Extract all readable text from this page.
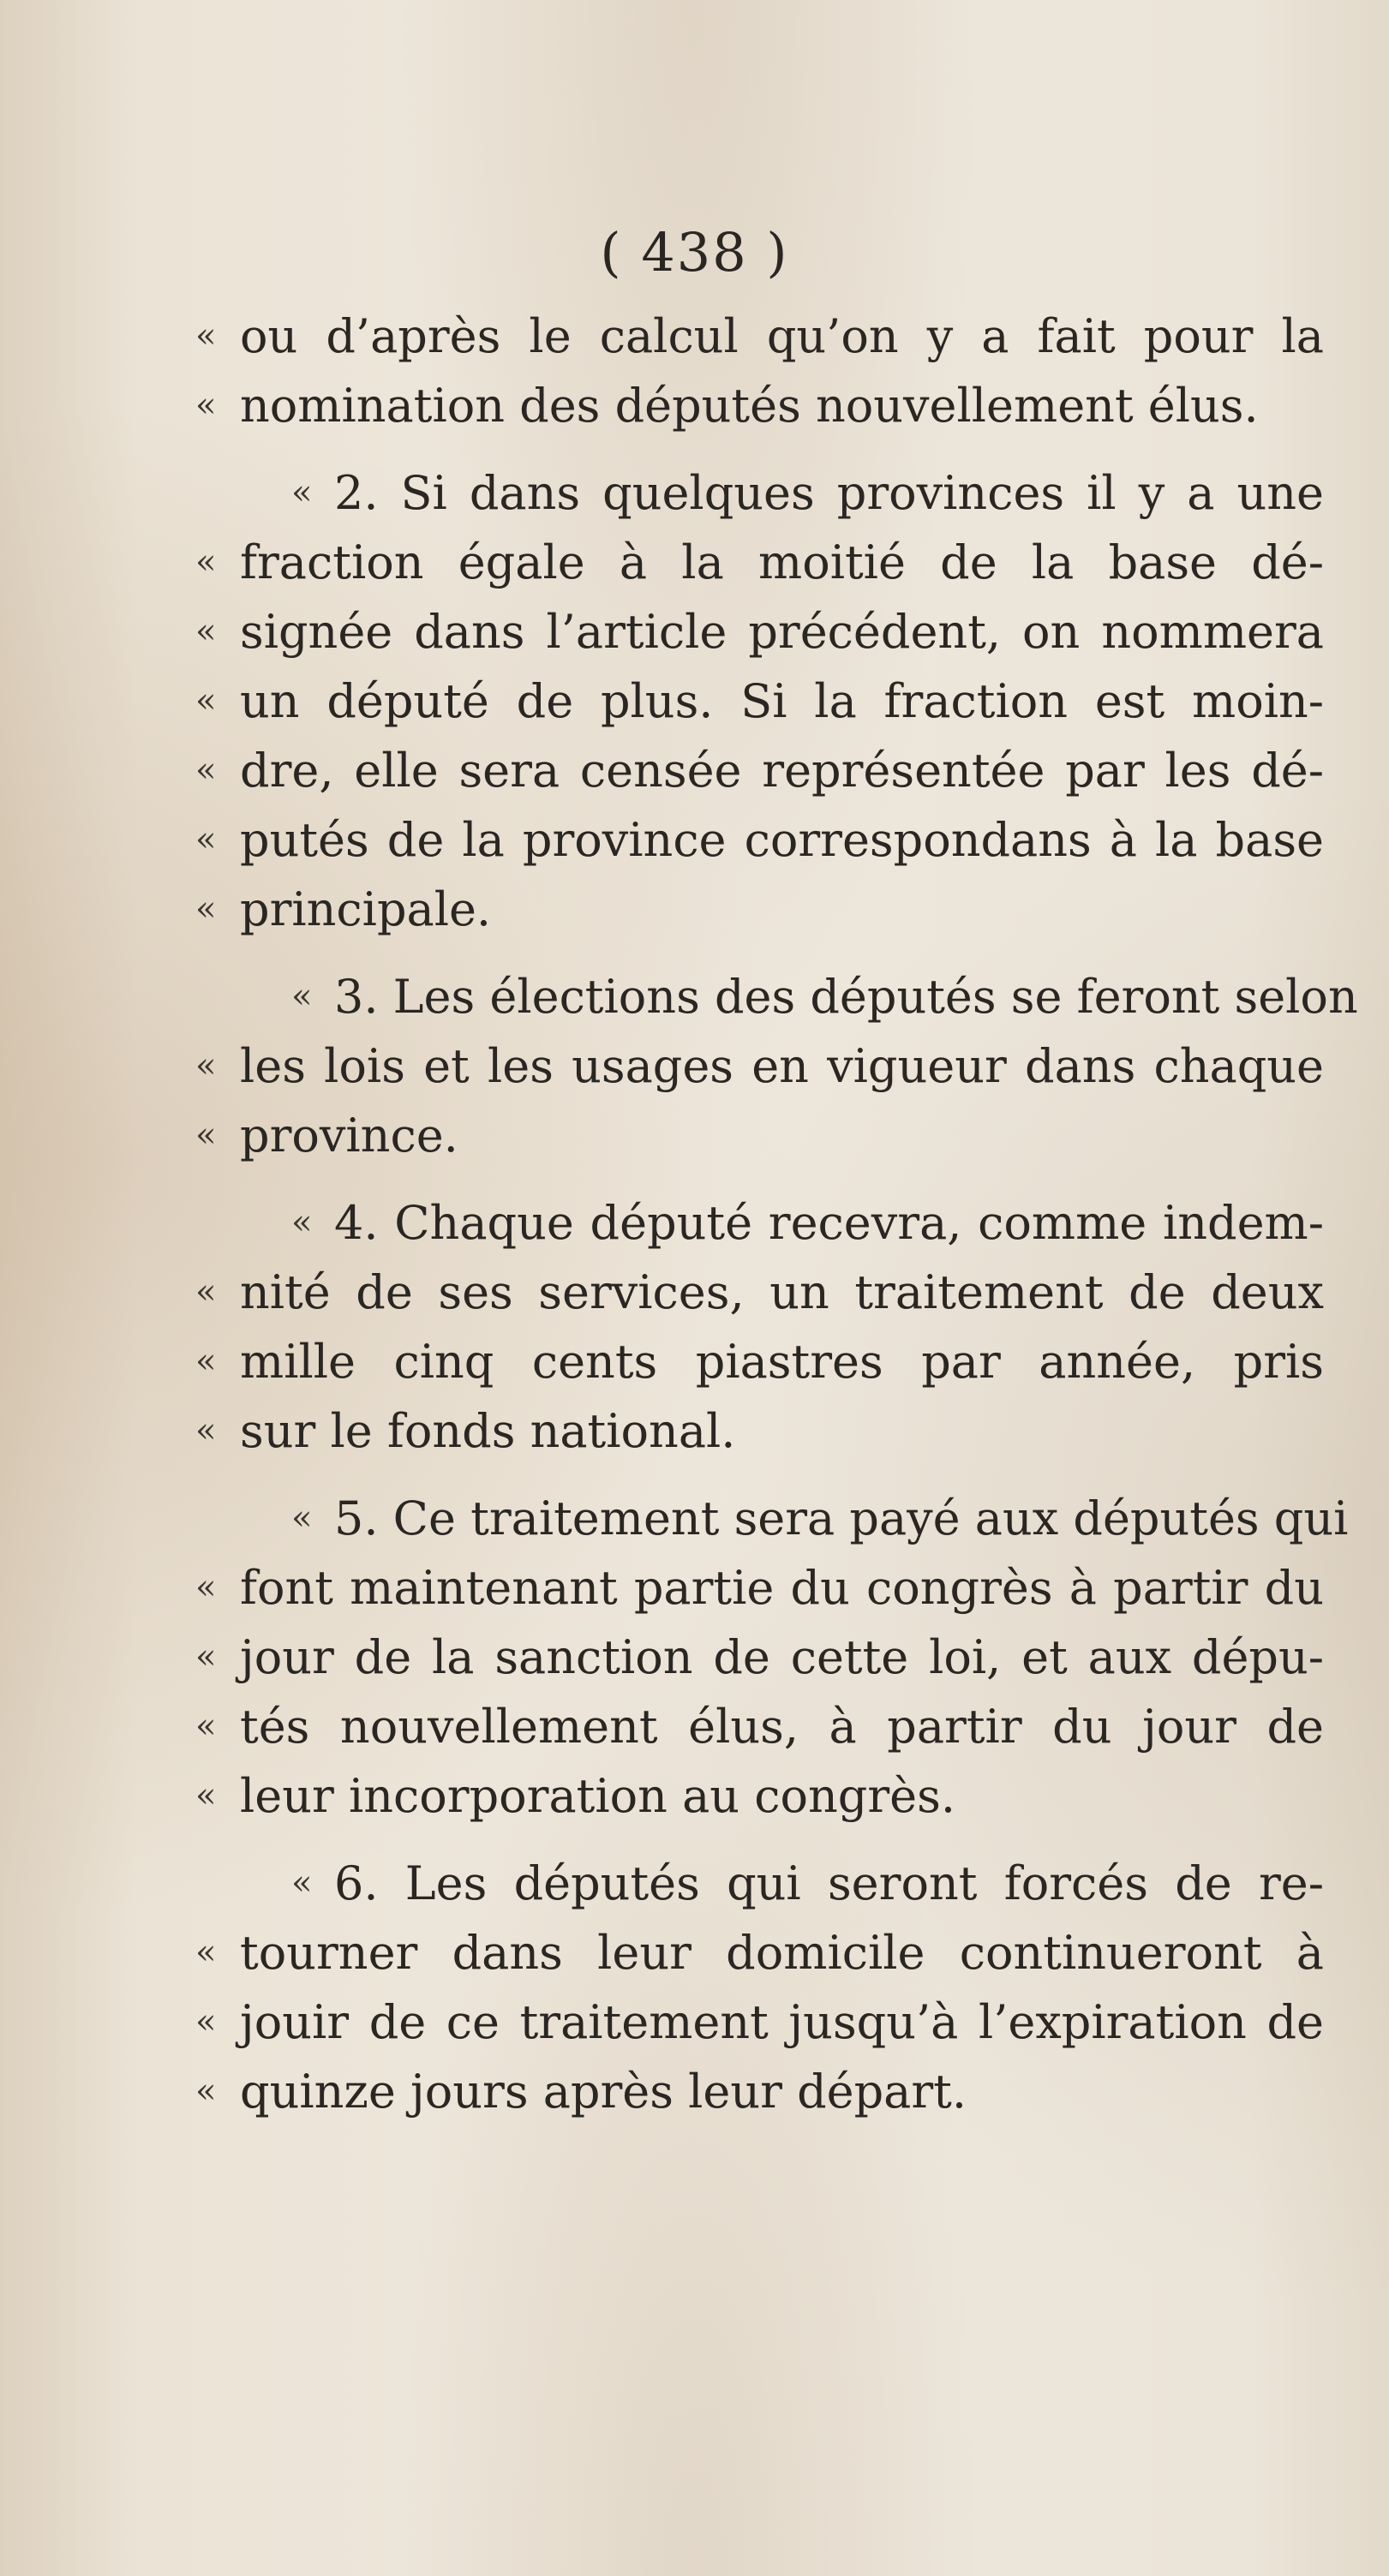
( 438 )
« ou d’après le calcul qu’on y a fait pour la
« nomination des députés nouvellement élus.
« 2. Si dans quelques provinces il y a une
« fraction égale à la moitié de la base dé-
« signée dans l’article précédent, on nommera
« un député de plus. Si la fraction est moin-
« dre, elle sera censée représentée par les dé-
« putés de la province correspondans à la base
« principale.
« 3. Les élections des députés se feront selon
« les lois et les usages en vigueur dans chaque
« province.
« 4. Chaque député recevra, comme indem-
« nité de ses services, un traitement de deux
« mille cinq cents piastres par année, pris
« sur le fonds national.
« 5. Ce traitement sera payé aux députés qui
« font maintenant partie du congrès à partir du
« jour de la sanction de cette loi, et aux dépu-
« tés nouvellement élus, à partir du jour de
« leur incorporation au congrès.
« 6. Les députés qui seront forcés de re-
« tourner dans leur domicile continueront à
« jouir de ce traitement jusqu’à l’expiration de
« quinze jours après leur départ.
